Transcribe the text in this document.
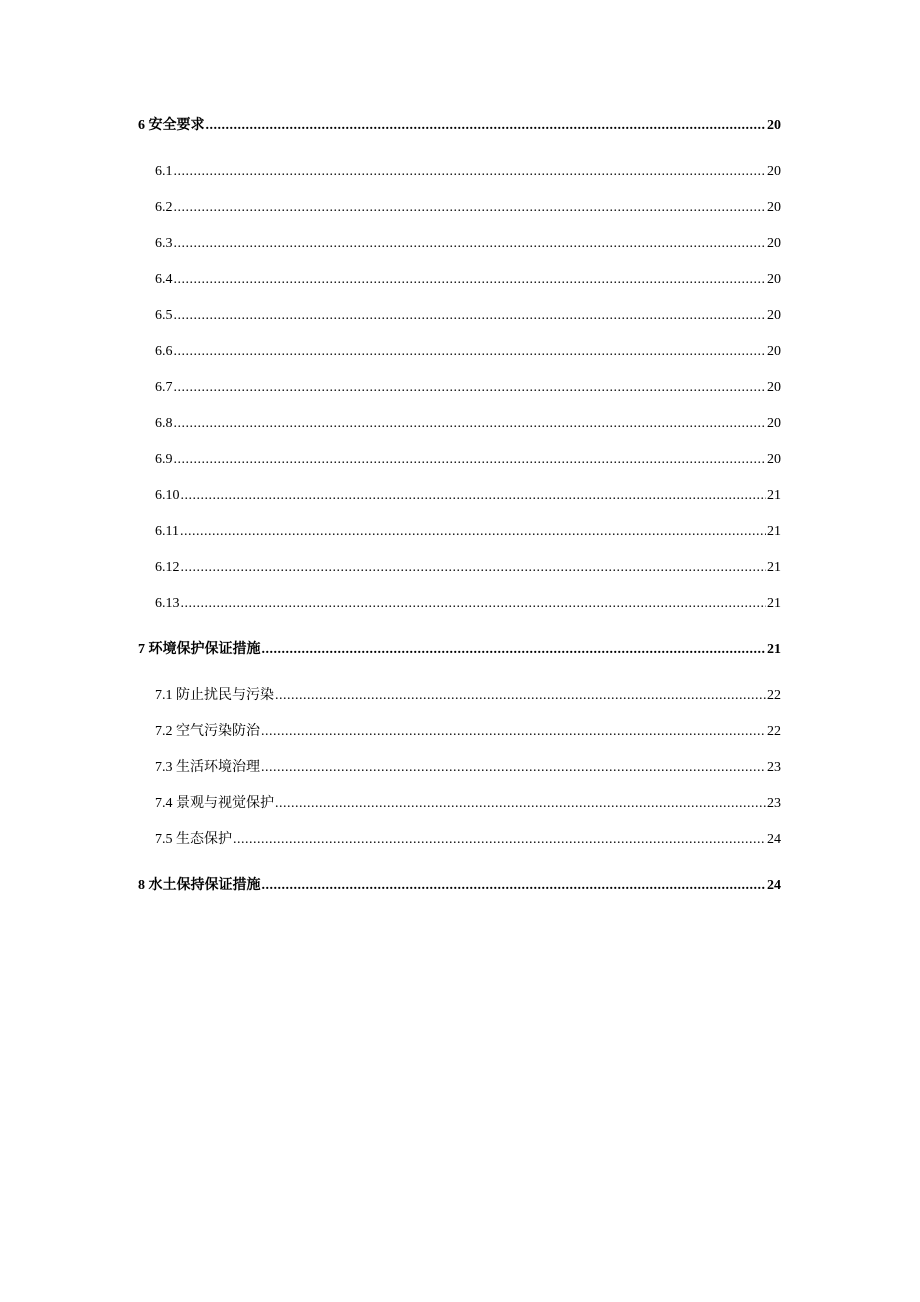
6 安全要求 .....	20
6.1 .....	20
6.2 .....	20
6.3 .....	20
6.4 .....	20
6.5 .....	20
6.6 .....	20
6.7 .....	20
6.8 .....	20
6.9 .....	20
6.10 .....	21
6.11 .....	21
6.12 .....	21
6.13 .....	21
7 环境保护保证措施 .....	21
7.1 防止扰民与污染 .....	22
7.2 空气污染防治 .....	22
7.3 生活环境治理 .....	23
7.4 景观与视觉保护 .....	23
7.5 生态保护 .....	24
8 水土保持保证措施 .....	24
